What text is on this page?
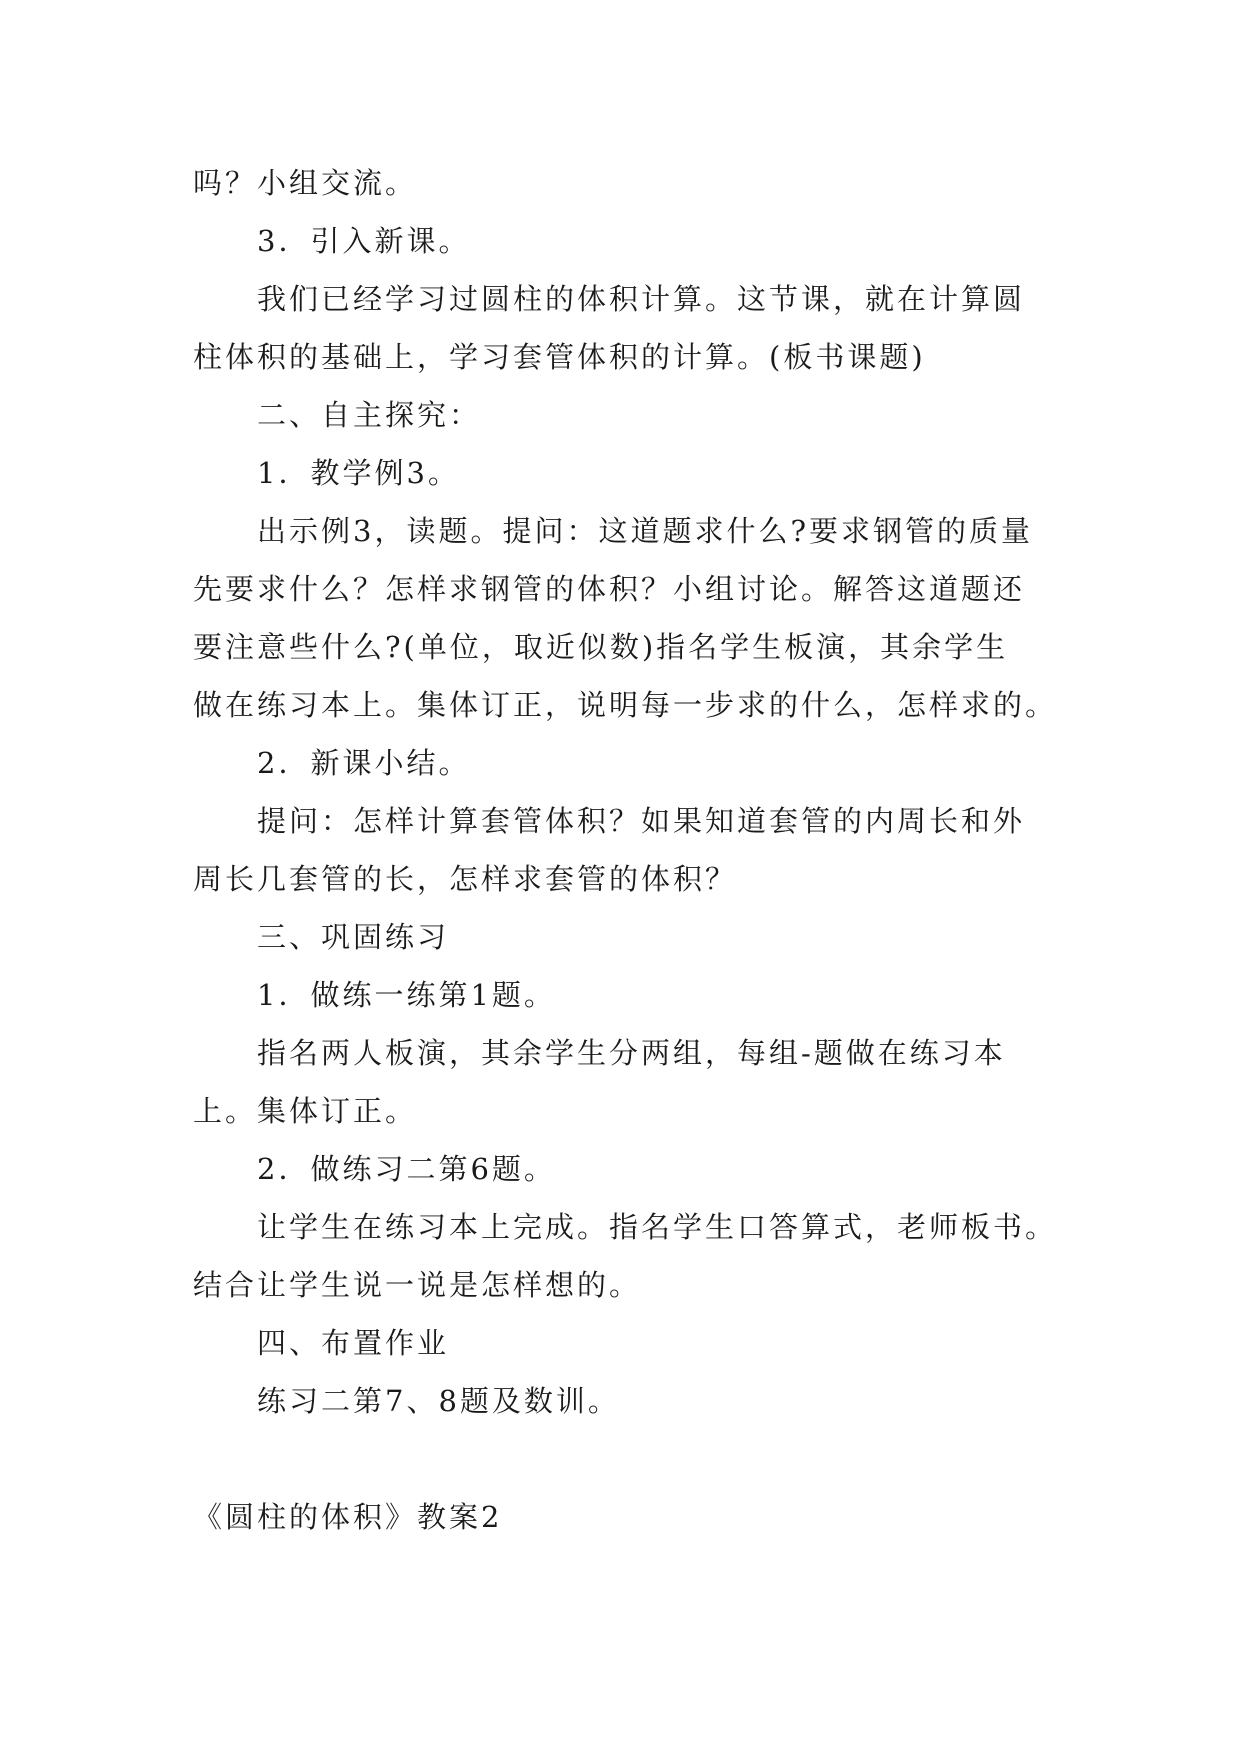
吗？小组交流。
3．引入新课。
我们已经学习过圆柱的体积计算。这节课，就在计算圆
柱体积的基础上，学习套管体积的计算。(板书课题)
二、自主探究：
1．教学例3。
出示例3，读题。提问：这道题求什么?要求钢管的质量
先要求什么？怎样求钢管的体积？小组讨论。解答这道题还
要注意些什么?(单位，取近似数)指名学生板演，其余学生
做在练习本上。集体订正，说明每一步求的什么，怎样求的。
2．新课小结。
提问：怎样计算套管体积？如果知道套管的内周长和外
周长几套管的长，怎样求套管的体积？
三、巩固练习
1．做练一练第1题。
指名两人板演，其余学生分两组，每组-题做在练习本
上。集体订正。
2．做练习二第6题。
让学生在练习本上完成。指名学生口答算式，老师板书。
结合让学生说一说是怎样想的。
四、布置作业
练习二第7、8题及数训。
《圆柱的体积》教案2
